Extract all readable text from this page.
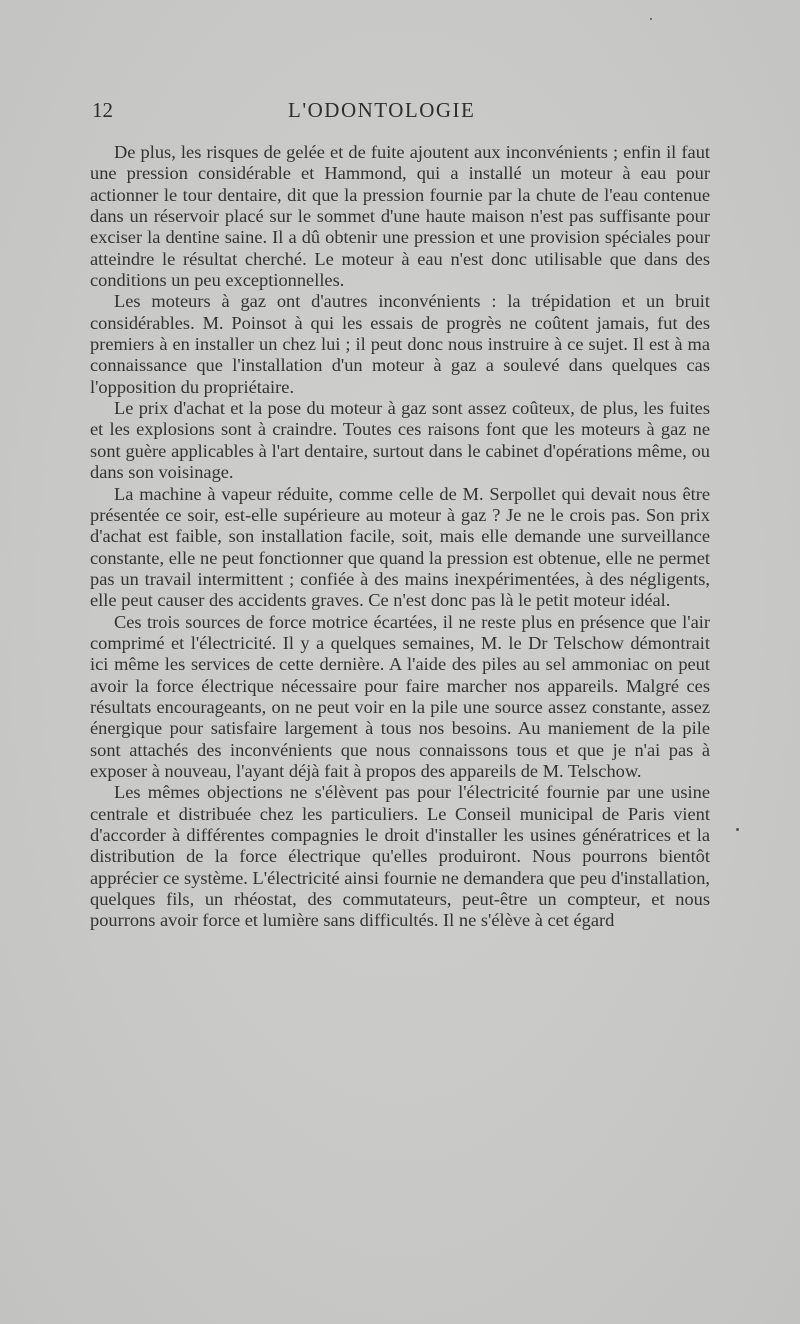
12	L'ODONTOLOGIE

De plus, les risques de gelée et de fuite ajoutent aux inconvénients ; enfin il faut une pression considérable et Hammond, qui a installé un moteur à eau pour actionner le tour dentaire, dit que la pression fournie par la chute de l'eau contenue dans un réservoir placé sur le sommet d'une haute maison n'est pas suffisante pour exciser la dentine saine. Il a dû obtenir une pression et une provision spéciales pour atteindre le résultat cherché. Le moteur à eau n'est donc utilisable que dans des conditions un peu exceptionnelles.

Les moteurs à gaz ont d'autres inconvénients : la trépidation et un bruit considérables. M. Poinsot à qui les essais de progrès ne coûtent jamais, fut des premiers à en installer un chez lui ; il peut donc nous instruire à ce sujet. Il est à ma connaissance que l'installation d'un moteur à gaz a soulevé dans quelques cas l'opposition du propriétaire.

Le prix d'achat et la pose du moteur à gaz sont assez coûteux, de plus, les fuites et les explosions sont à craindre. Toutes ces raisons font que les moteurs à gaz ne sont guère applicables à l'art dentaire, surtout dans le cabinet d'opérations même, ou dans son voisinage.

La machine à vapeur réduite, comme celle de M. Serpollet qui devait nous être présentée ce soir, est-elle supérieure au moteur à gaz ? Je ne le crois pas. Son prix d'achat est faible, son installation facile, soit, mais elle demande une surveillance constante, elle ne peut fonctionner que quand la pression est obtenue, elle ne permet pas un travail intermittent ; confiée à des mains inexpérimentées, à des négligents, elle peut causer des accidents graves. Ce n'est donc pas là le petit moteur idéal.

Ces trois sources de force motrice écartées, il ne reste plus en présence que l'air comprimé et l'électricité. Il y a quelques semaines, M. le Dr Telschow démontrait ici même les services de cette dernière. A l'aide des piles au sel ammoniac on peut avoir la force électrique nécessaire pour faire marcher nos appareils. Malgré ces résultats encourageants, on ne peut voir en la pile une source assez constante, assez énergique pour satisfaire largement à tous nos besoins. Au maniement de la pile sont attachés des inconvénients que nous connaissons tous et que je n'ai pas à exposer à nouveau, l'ayant déjà fait à propos des appareils de M. Telschow.

Les mêmes objections ne s'élèvent pas pour l'électricité fournie par une usine centrale et distribuée chez les particuliers. Le Conseil municipal de Paris vient d'accorder à différentes compagnies le droit d'installer les usines génératrices et la distribution de la force électrique qu'elles produiront. Nous pourrons bientôt apprécier ce système. L'électricité ainsi fournie ne demandera que peu d'installation, quelques fils, un rhéostat, des commutateurs, peut-être un compteur, et nous pourrons avoir force et lumière sans difficultés. Il ne s'élève à cet égard
